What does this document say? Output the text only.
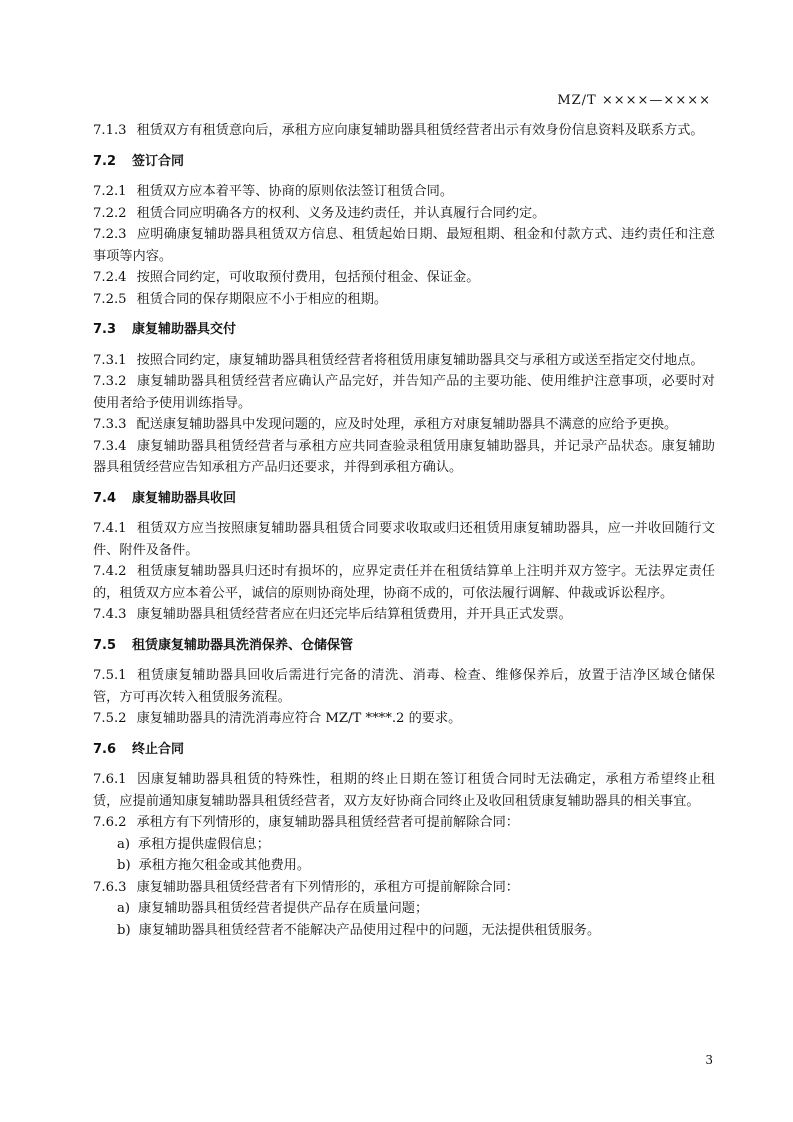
MZ/T ××××—××××
7.1.3 租赁双方有租赁意向后，承租方应向康复辅助器具租赁经营者出示有效身份信息资料及联系方式。
7.2 签订合同
7.2.1 租赁双方应本着平等、协商的原则依法签订租赁合同。
7.2.2 租赁合同应明确各方的权利、义务及违约责任，并认真履行合同约定。
7.2.3 应明确康复辅助器具租赁双方信息、租赁起始日期、最短租期、租金和付款方式、违约责任和注意事项等内容。
7.2.4 按照合同约定，可收取预付费用，包括预付租金、保证金。
7.2.5 租赁合同的保存期限应不小于相应的租期。
7.3 康复辅助器具交付
7.3.1 按照合同约定，康复辅助器具租赁经营者将租赁用康复辅助器具交与承租方或送至指定交付地点。
7.3.2 康复辅助器具租赁经营者应确认产品完好，并告知产品的主要功能、使用维护注意事项，必要时对使用者给予使用训练指导。
7.3.3 配送康复辅助器具中发现问题的，应及时处理，承租方对康复辅助器具不满意的应给予更换。
7.3.4 康复辅助器具租赁经营者与承租方应共同查验录租赁用康复辅助器具，并记录产品状态。康复辅助器具租赁经营应告知承租方产品归还要求，并得到承租方确认。
7.4 康复辅助器具收回
7.4.1 租赁双方应当按照康复辅助器具租赁合同要求收取或归还租赁用康复辅助器具，应一并收回随行文件、附件及备件。
7.4.2 租赁康复辅助器具归还时有损坏的，应界定责任并在租赁结算单上注明并双方签字。无法界定责任的，租赁双方应本着公平，诚信的原则协商处理，协商不成的，可依法履行调解、仲裁或诉讼程序。
7.4.3 康复辅助器具租赁经营者应在归还完毕后结算租赁费用，并开具正式发票。
7.5 租赁康复辅助器具洗消保养、仓储保管
7.5.1 租赁康复辅助器具回收后需进行完备的清洗、消毒、检查、维修保养后，放置于洁净区域仓储保管，方可再次转入租赁服务流程。
7.5.2 康复辅助器具的清洗消毒应符合 MZ/T ****.2 的要求。
7.6 终止合同
7.6.1 因康复辅助器具租赁的特殊性，租期的终止日期在签订租赁合同时无法确定，承租方希望终止租赁，应提前通知康复辅助器具租赁经营者，双方友好协商合同终止及收回租赁康复辅助器具的相关事宜。
7.6.2 承租方有下列情形的，康复辅助器具租赁经营者可提前解除合同：
a) 承租方提供虚假信息；
b) 承租方拖欠租金或其他费用。
7.6.3 康复辅助器具租赁经营者有下列情形的，承租方可提前解除合同：
a) 康复辅助器具租赁经营者提供产品存在质量问题；
b) 康复辅助器具租赁经营者不能解决产品使用过程中的问题，无法提供租赁服务。
3
